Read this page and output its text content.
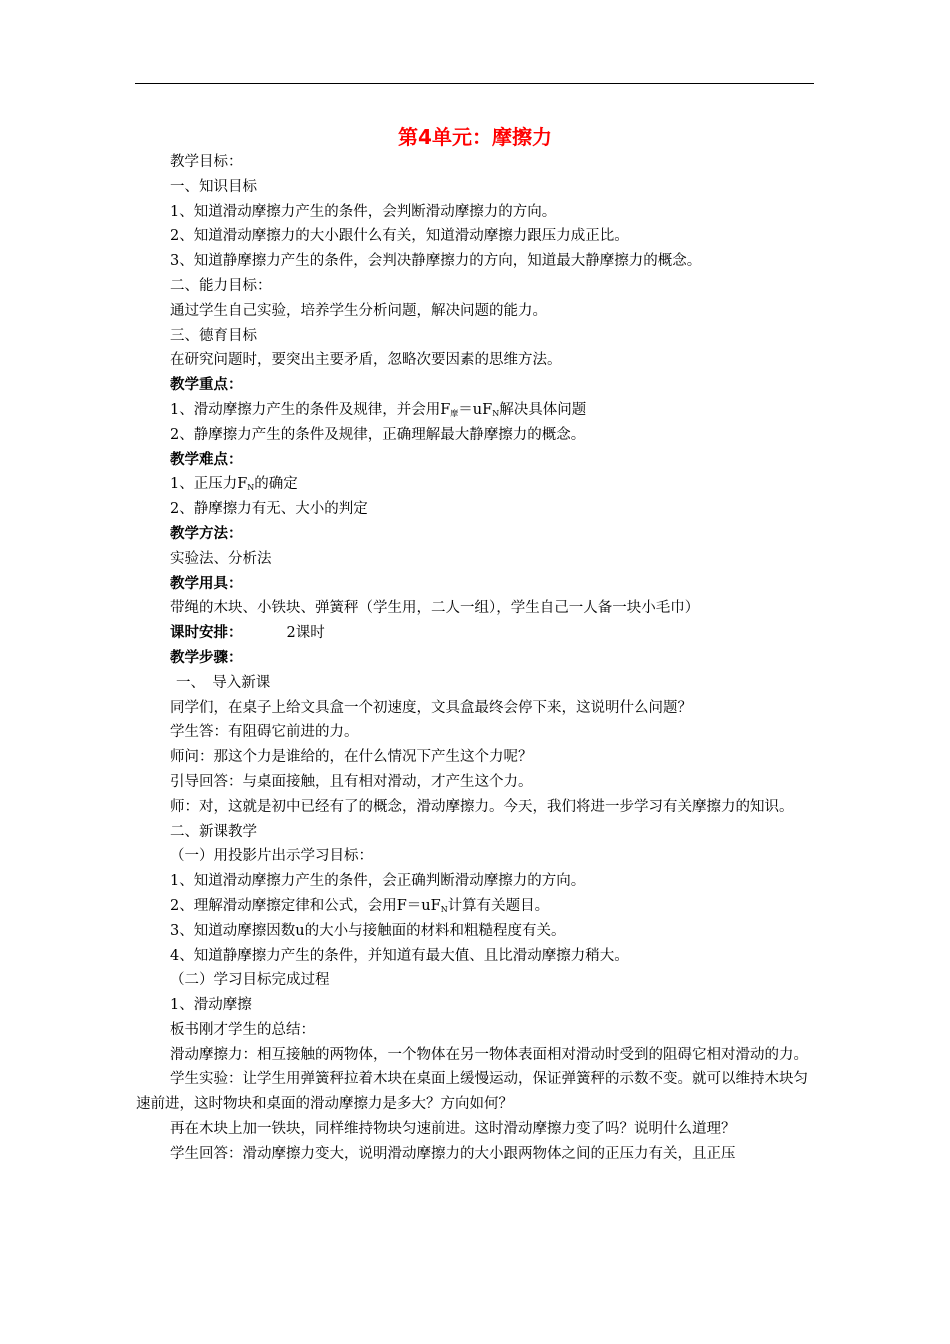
第4单元：摩擦力
教学目标：
一、知识目标
1、知道滑动摩擦力产生的条件，会判断滑动摩擦力的方向。
2、知道滑动摩擦力的大小跟什么有关，知道滑动摩擦力跟压力成正比。
3、知道静摩擦力产生的条件，会判决静摩擦力的方向，知道最大静摩擦力的概念。
二、能力目标：
通过学生自己实验，培养学生分析问题，解决问题的能力。
三、德育目标
在研究问题时，要突出主要矛盾，忽略次要因素的思维方法。
教学重点：
1、滑动摩擦力产生的条件及规律，并会用F摩＝uFN解决具体问题
2、静摩擦力产生的条件及规律，正确理解最大静摩擦力的概念。
教学难点：
1、正压力FN的确定
2、静摩擦力有无、大小的判定
教学方法：
实验法、分析法
教学用具：
带绳的木块、小铁块、弹簧秤（学生用，二人一组），学生自己一人备一块小毛巾）
课时安排：	2课时
教学步骤：
一、　导入新课
同学们，在桌子上给文具盒一个初速度，文具盒最终会停下来，这说明什么问题？
学生答：有阻碍它前进的力。
师问：那这个力是谁给的，在什么情况下产生这个力呢？
引导回答：与桌面接触，且有相对滑动，才产生这个力。
师：对，这就是初中已经有了的概念，滑动摩擦力。今天，我们将进一步学习有关摩擦力的知识。
二、新课教学
（一）用投影片出示学习目标：
1、知道滑动摩擦力产生的条件，会正确判断滑动摩擦力的方向。
2、理解滑动摩擦定律和公式，会用F＝uFN计算有关题目。
3、知道动摩擦因数u的大小与接触面的材料和粗糙程度有关。
4、知道静摩擦力产生的条件，并知道有最大值、且比滑动摩擦力稍大。
（二）学习目标完成过程
1、滑动摩擦
板书刚才学生的总结：
滑动摩擦力：相互接触的两物体，一个物体在另一物体表面相对滑动时受到的阻碍它相对滑动的力。
学生实验：让学生用弹簧秤拉着木块在桌面上缓慢运动，保证弹簧秤的示数不变。就可以维持木块匀速前进，这时物块和桌面的滑动摩擦力是多大？方向如何？
再在木块上加一铁块，同样维持物块匀速前进。这时滑动摩擦力变了吗？说明什么道理？
学生回答：滑动摩擦力变大，说明滑动摩擦力的大小跟两物体之间的正压力有关，且正压
